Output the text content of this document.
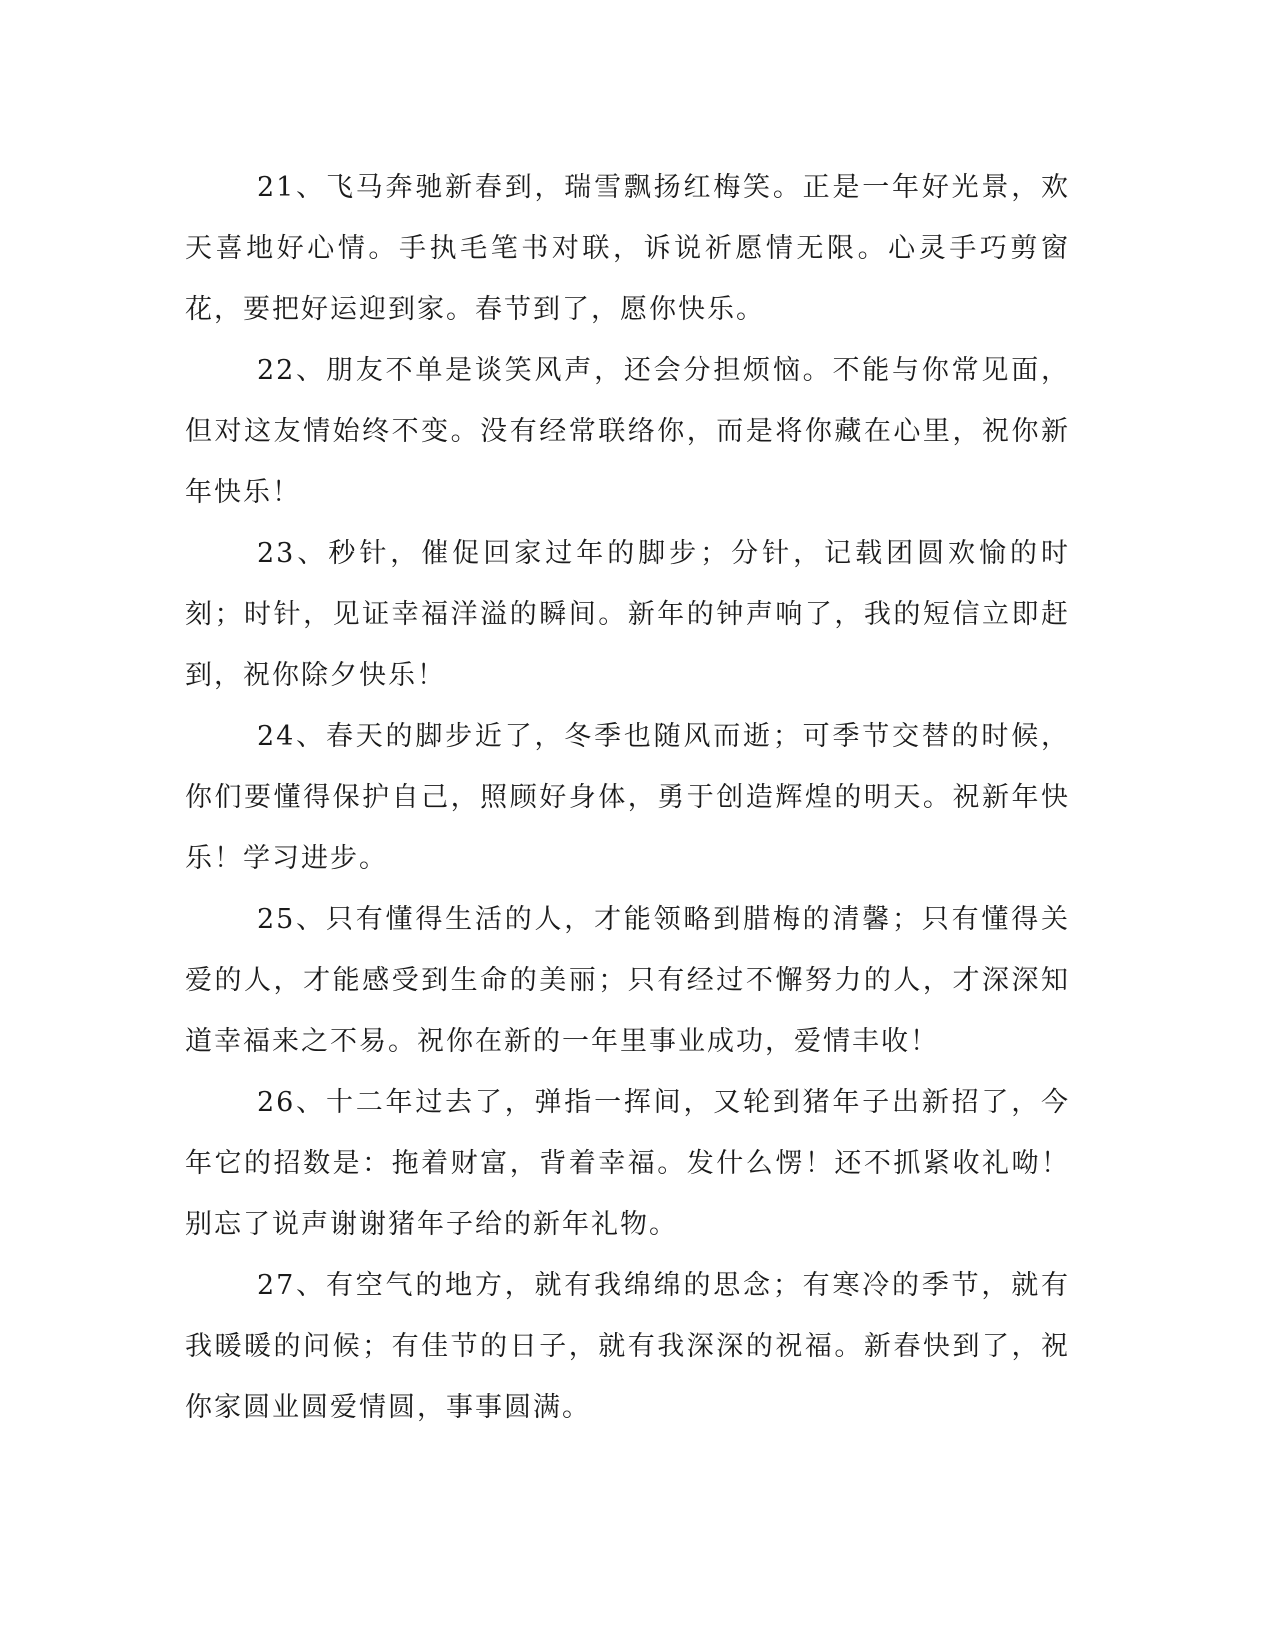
21、飞马奔驰新春到，瑞雪飘扬红梅笑。正是一年好光景，欢天喜地好心情。手执毛笔书对联，诉说祈愿情无限。心灵手巧剪窗花，要把好运迎到家。春节到了，愿你快乐。

22、朋友不单是谈笑风声，还会分担烦恼。不能与你常见面，但对这友情始终不变。没有经常联络你，而是将你藏在心里，祝你新年快乐！

23、秒针，催促回家过年的脚步；分针，记载团圆欢愉的时刻；时针，见证幸福洋溢的瞬间。新年的钟声响了，我的短信立即赶到，祝你除夕快乐！

24、春天的脚步近了，冬季也随风而逝；可季节交替的时候，你们要懂得保护自己，照顾好身体，勇于创造辉煌的明天。祝新年快乐！学习进步。

25、只有懂得生活的人，才能领略到腊梅的清馨；只有懂得关爱的人，才能感受到生命的美丽；只有经过不懈努力的人，才深深知道幸福来之不易。祝你在新的一年里事业成功，爱情丰收！

26、十二年过去了，弹指一挥间，又轮到猪年子出新招了，今年它的招数是：拖着财富，背着幸福。发什么愣！还不抓紧收礼呦！别忘了说声谢谢猪年子给的新年礼物。

27、有空气的地方，就有我绵绵的思念；有寒冷的季节，就有我暖暖的问候；有佳节的日子，就有我深深的祝福。新春快到了，祝你家圆业圆爱情圆，事事圆满。
